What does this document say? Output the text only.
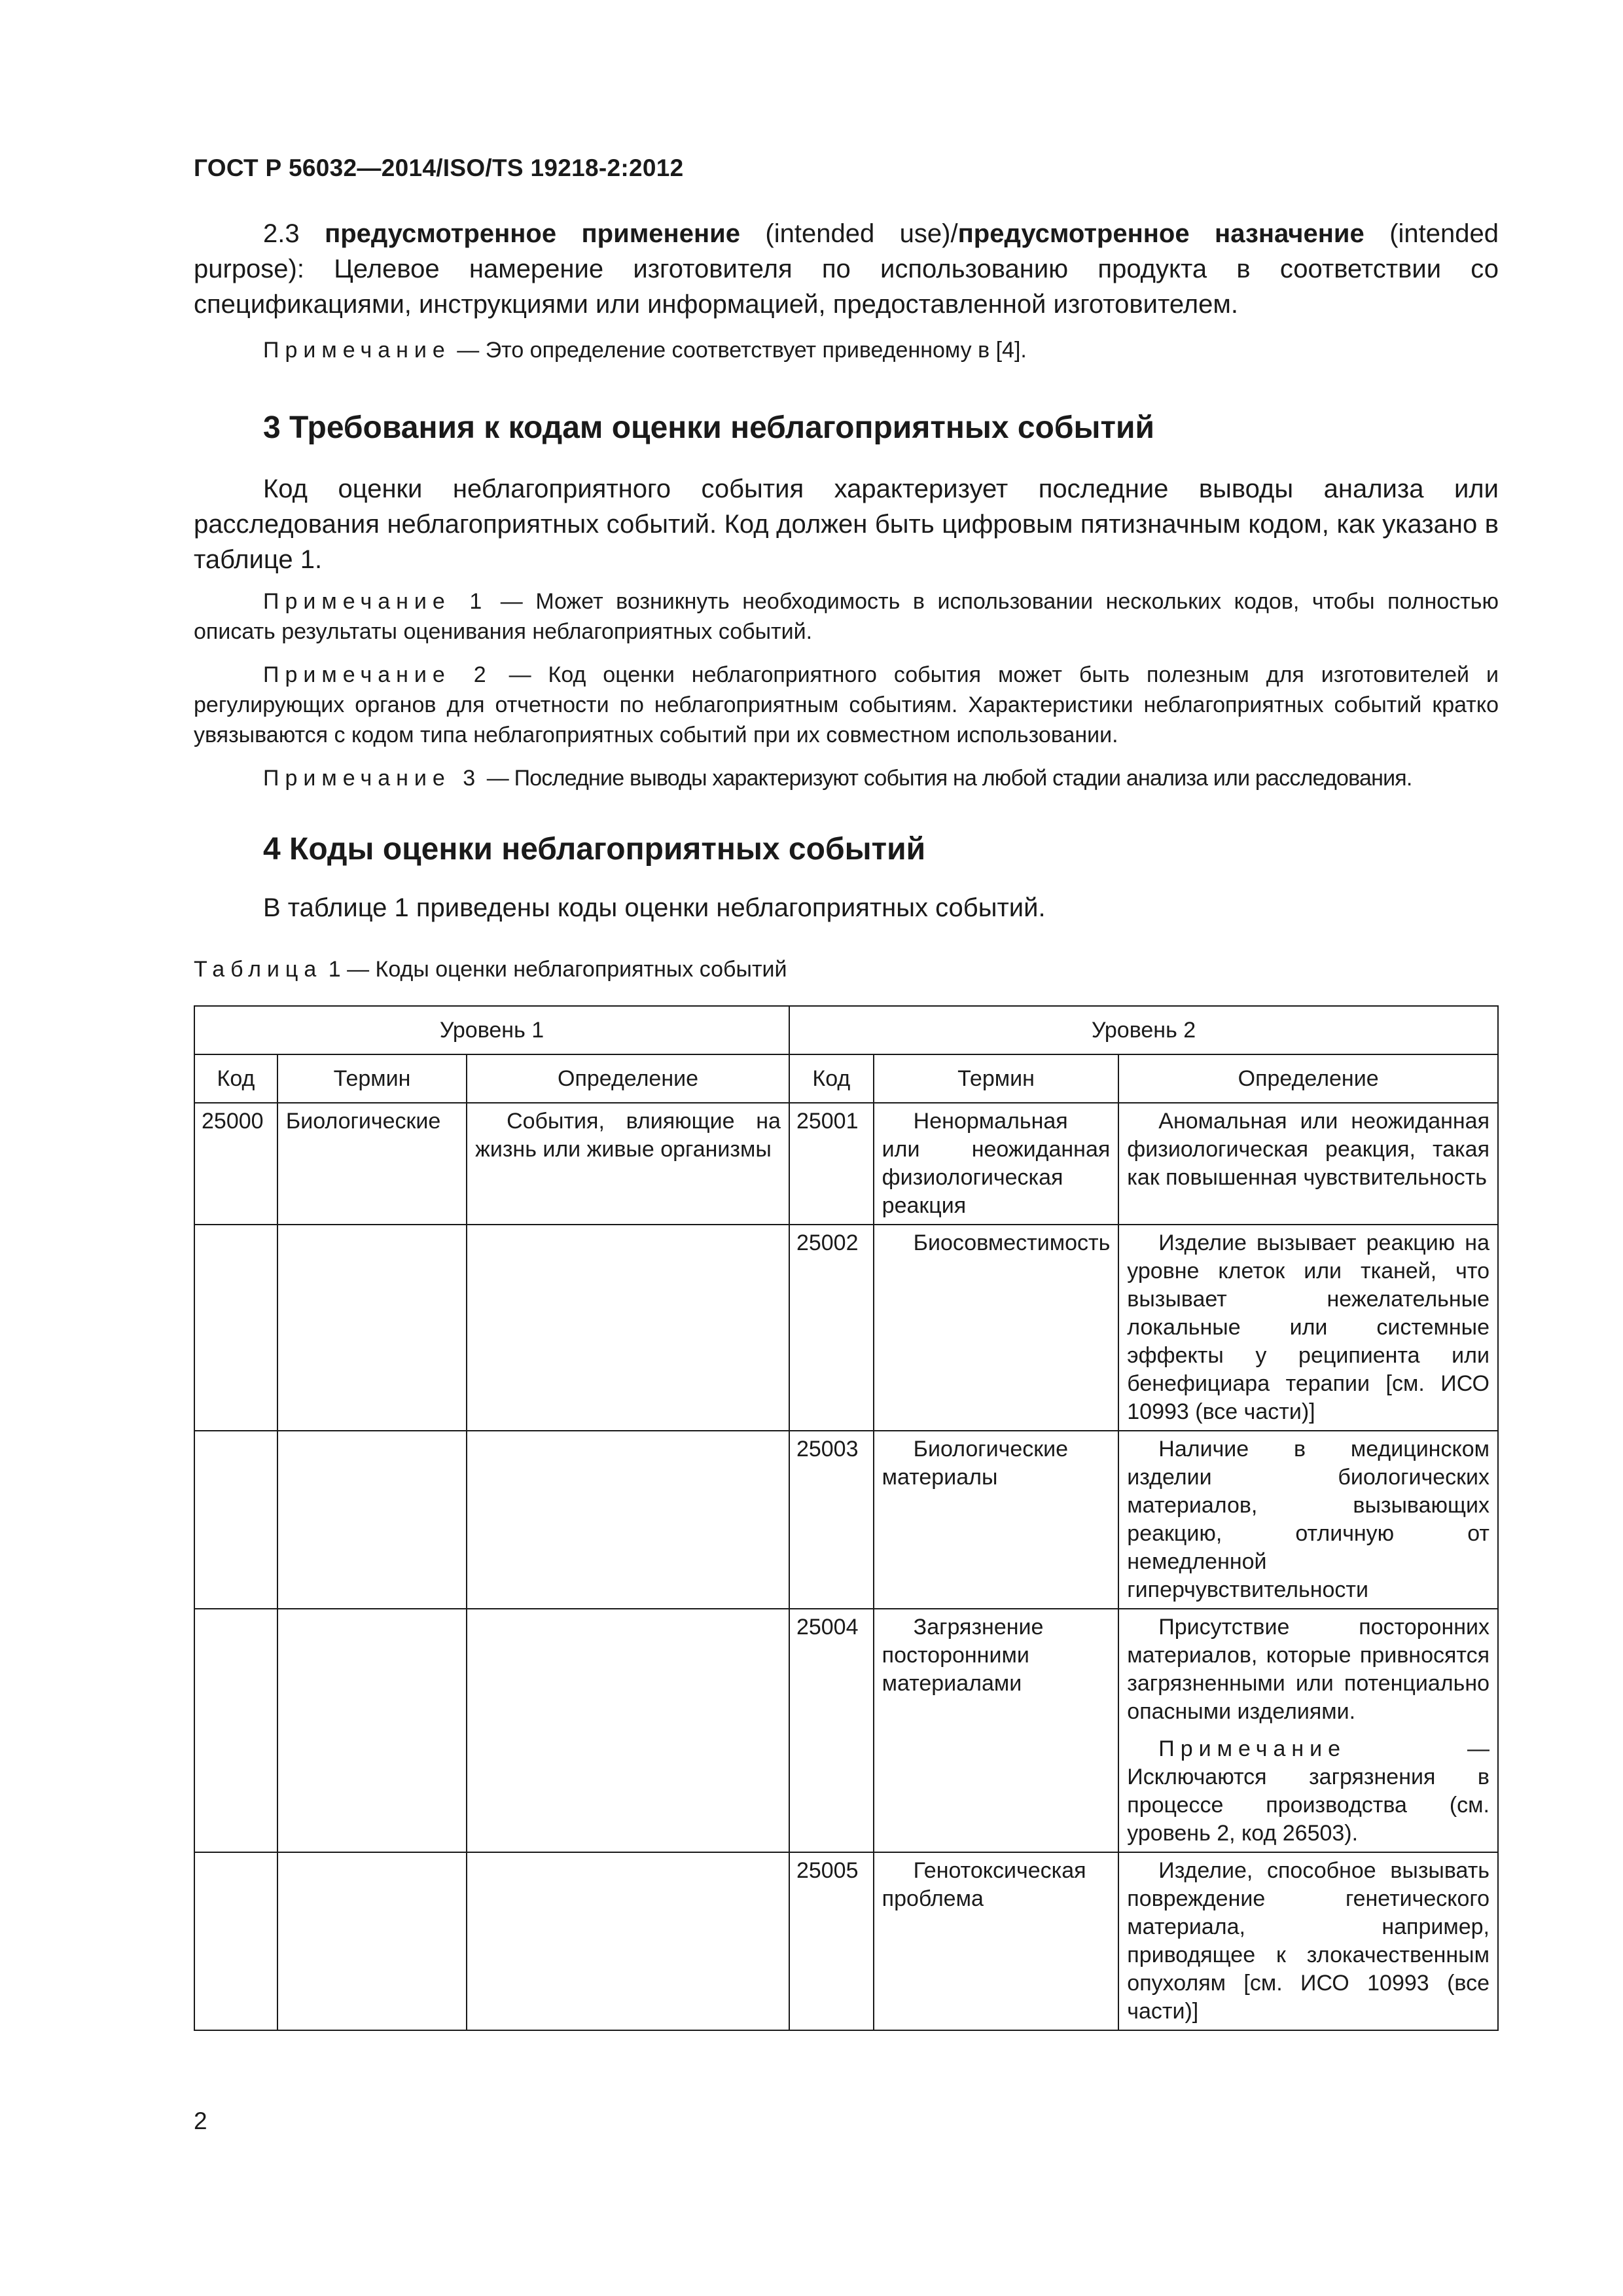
ГОСТ Р 56032—2014/ISO/TS 19218-2:2012

2.3 предусмотренное применение (intended use)/предусмотренное назначение (intended purpose): Целевое намерение изготовителя по использованию продукта в соответствии со спецификациями, инструкциями или информацией, предоставленной изготовителем.

Примечание — Это определение соответствует приведенному в [4].

3 Требования к кодам оценки неблагоприятных событий

Код оценки неблагоприятного события характеризует последние выводы анализа или расследования неблагоприятных событий. Код должен быть цифровым пятизначным кодом, как указано в таблице 1.

Примечание 1 — Может возникнуть необходимость в использовании нескольких кодов, чтобы полностью описать результаты оценивания неблагоприятных событий.

Примечание 2 — Код оценки неблагоприятного события может быть полезным для изготовителей и регулирующих органов для отчетности по неблагоприятным событиям. Характеристики неблагоприятных событий кратко увязываются с кодом типа неблагоприятных событий при их совместном использовании.

Примечание 3 — Последние выводы характеризуют события на любой стадии анализа или расследования.

4 Коды оценки неблагоприятных событий

В таблице 1 приведены коды оценки неблагоприятных событий.

Таблица 1 — Коды оценки неблагоприятных событий
Уровень 1			Уровень 2		
Код	Термин	Определение	Код	Термин	Определение
25000	Биологические	События, влияющие на жизнь или живые организмы	25001	Ненормальная или неожиданная физиологическая реакция	Аномальная или неожиданная физиологическая реакция, такая как повышенная чувствительность
			25002	Биосовместимость	Изделие вызывает реакцию на уровне клеток или тканей, что вызывает нежелательные локальные или системные эффекты у реципиента или бенефициара терапии [см. ИСО 10993 (все части)]
			25003	Биологические материалы	Наличие в медицинском изделии биологических материалов, вызывающих реакцию, отличную от немедленной гиперчувствительности
			25004	Загрязнение посторонними материалами	Присутствие посторонних материалов, которые привносятся загрязненными или потенциально опасными изделиями.
Примечание — Исключаются загрязнения в процессе производства (см. уровень 2, код 26503).

			25005	Генотоксическая проблема	Изделие, способное вызывать повреждение генетического материала, например, приводящее к злокачественным опухолям [см. ИСО 10993 (все части)]
2
